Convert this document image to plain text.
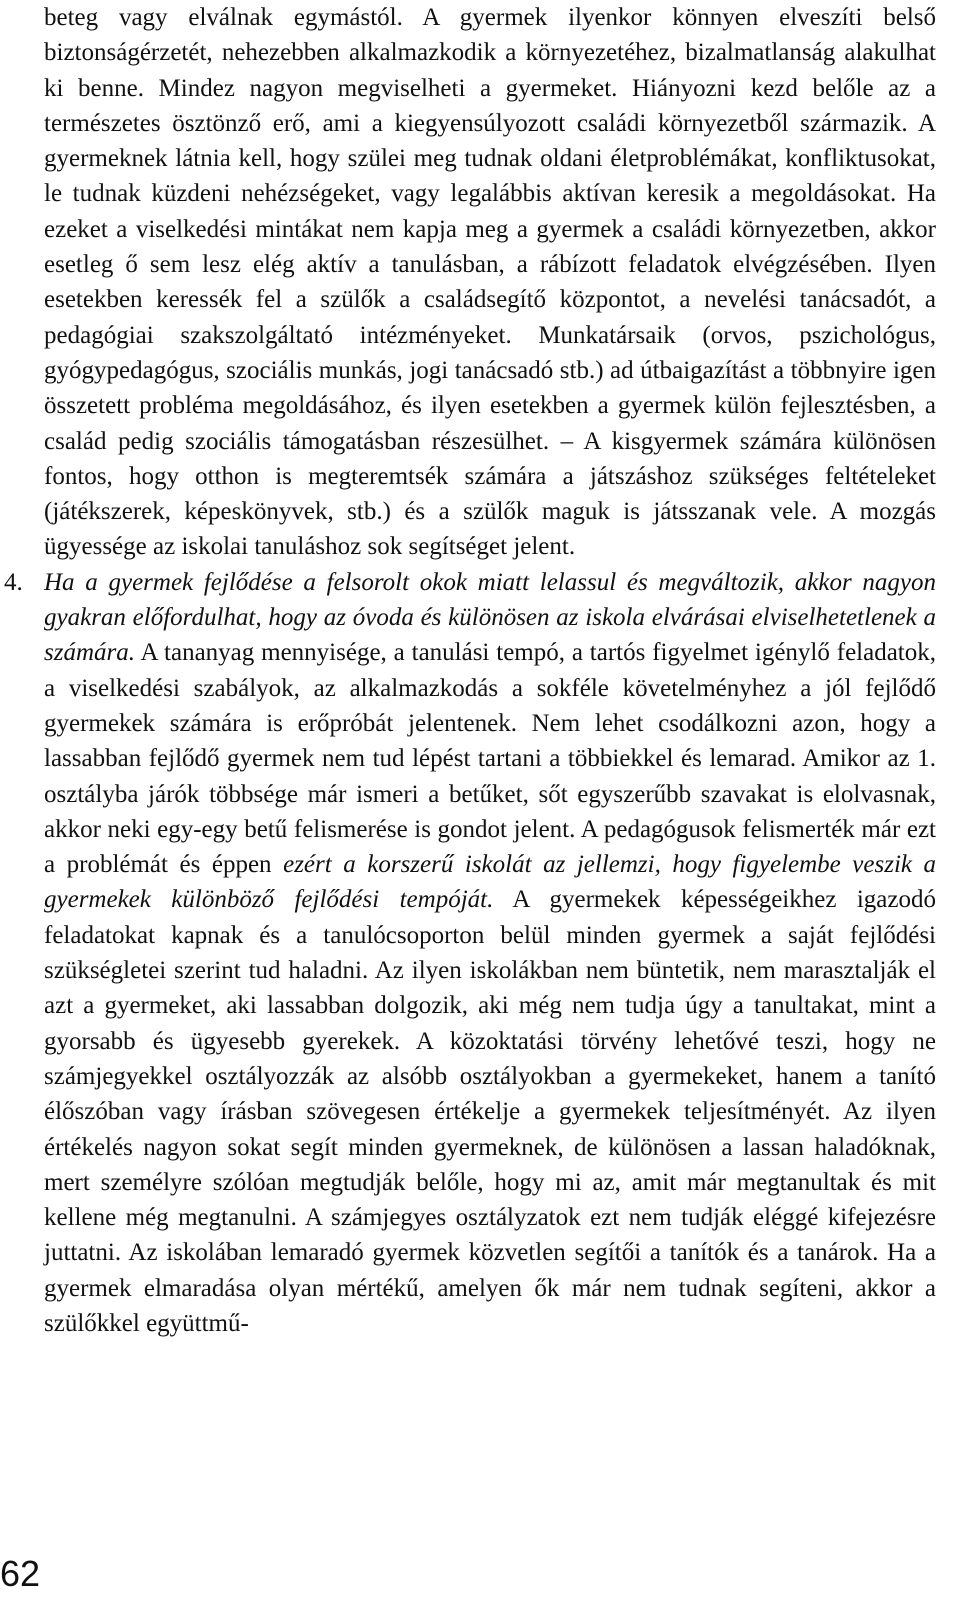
beteg vagy elválnak egymástól. A gyermek ilyenkor könnyen elveszíti belső biztonságérzetét, nehezebben alkalmazkodik a környezetéhez, bizalmatlanság alakulhat ki benne. Mindez nagyon megviselheti a gyermeket. Hiányozni kezd belőle az a természetes ösztönző erő, ami a kiegyensúlyozott családi környezetből származik. A gyermeknek látnia kell, hogy szülei meg tudnak oldani életproblémákat, konfliktusokat, le tudnak küzdeni nehézségeket, vagy legalábbis aktívan keresik a megoldásokat. Ha ezeket a viselkedési mintákat nem kapja meg a gyermek a családi környezetben, akkor esetleg ő sem lesz elég aktív a tanulásban, a rábízott feladatok elvégzésében. Ilyen esetekben keressék fel a szülők a családsegítő központot, a nevelési tanácsadót, a pedagógiai szakszolgáltató intézményeket. Munkatársaik (orvos, pszichológus, gyógypedagógus, szociális munkás, jogi tanácsadó stb.) ad útbaigazítást a többnyire igen összetett probléma megoldásához, és ilyen esetekben a gyermek külön fejlesztésben, a család pedig szociális támogatásban részesülhet. – A kisgyermek számára különösen fontos, hogy otthon is megteremtsék számára a játszáshoz szükséges feltételeket (játékszerek, képeskönyvek, stb.) és a szülők maguk is játsszanak vele. A mozgás ügyessége az iskolai tanuláshoz sok segítséget jelent.

4. Ha a gyermek fejlődése a felsorolt okok miatt lelassul és megváltozik, akkor nagyon gyakran előfordulhat, hogy az óvoda és különösen az iskola elvárásai elviselhetetlenek a számára. A tananyag mennyisége, a tanulási tempó, a tartós figyelmet igénylő feladatok, a viselkedési szabályok, az alkalmazkodás a sokféle követelményhez a jól fejlődő gyermekek számára is erőpróbát jelentenek. Nem lehet csodálkozni azon, hogy a lassabban fejlődő gyermek nem tud lépést tartani a többiekkel és lemarad. Amikor az 1. osztályba járók többsége már ismeri a betűket, sőt egyszerűbb szavakat is elolvasnak, akkor neki egy-egy betű felismerése is gondot jelent. A pedagógusok felismerték már ezt a problémát és éppen ezért a korszerű iskolát az jellemzi, hogy figyelembe veszik a gyermekek különböző fejlődési tempóját. A gyermekek képességeikhez igazodó feladatokat kapnak és a tanulócsoporton belül minden gyermek a saját fejlődési szükségletei szerint tud haladni. Az ilyen iskolákban nem büntetik, nem marasztalják el azt a gyermeket, aki lassabban dolgozik, aki még nem tudja úgy a tanultakat, mint a gyorsabb és ügyesebb gyerekek. A közoktatási törvény lehetővé teszi, hogy ne számjegyekkel osztályozzák az alsóbb osztályokban a gyermekeket, hanem a tanító élőszóban vagy írásban szövegesen értékelje a gyermekek teljesítményét. Az ilyen értékelés nagyon sokat segít minden gyermeknek, de különösen a lassan haladóknak, mert személyre szólóan megtudják belőle, hogy mi az, amit már megtanultak és mit kellene még megtanulni. A számjegyes osztályzatok ezt nem tudják eléggé kifejezésre juttatni. Az iskolában lemaradó gyermek közvetlen segítői a tanítók és a tanárok. Ha a gyermek elmaradása olyan mértékű, amelyen ők már nem tudnak segíteni, akkor a szülőkkel együttmű-

62
